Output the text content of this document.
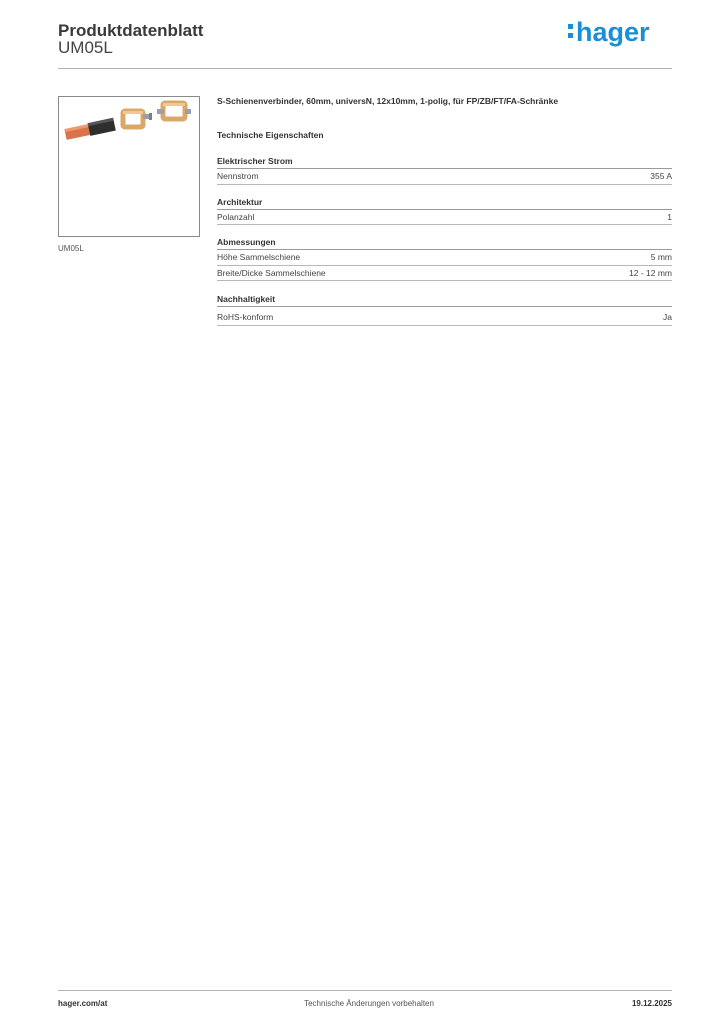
Produktdatenblatt
UM05L
hager
UM05L
S-Schienenverbinder, 60mm, universN, 12x10mm, 1-polig, für FP/ZB/FT/FA-Schränke
Technische Eigenschaften
Elektrischer Strom
Nennstrom	355 A
Architektur
Polanzahl	1
Abmessungen
Höhe Sammelschiene	5 mm
Breite/Dicke Sammelschiene	12 - 12 mm
Nachhaltigkeit
RoHS-konform	Ja
hager.com/at	Technische Änderungen vorbehalten	19.12.2025
